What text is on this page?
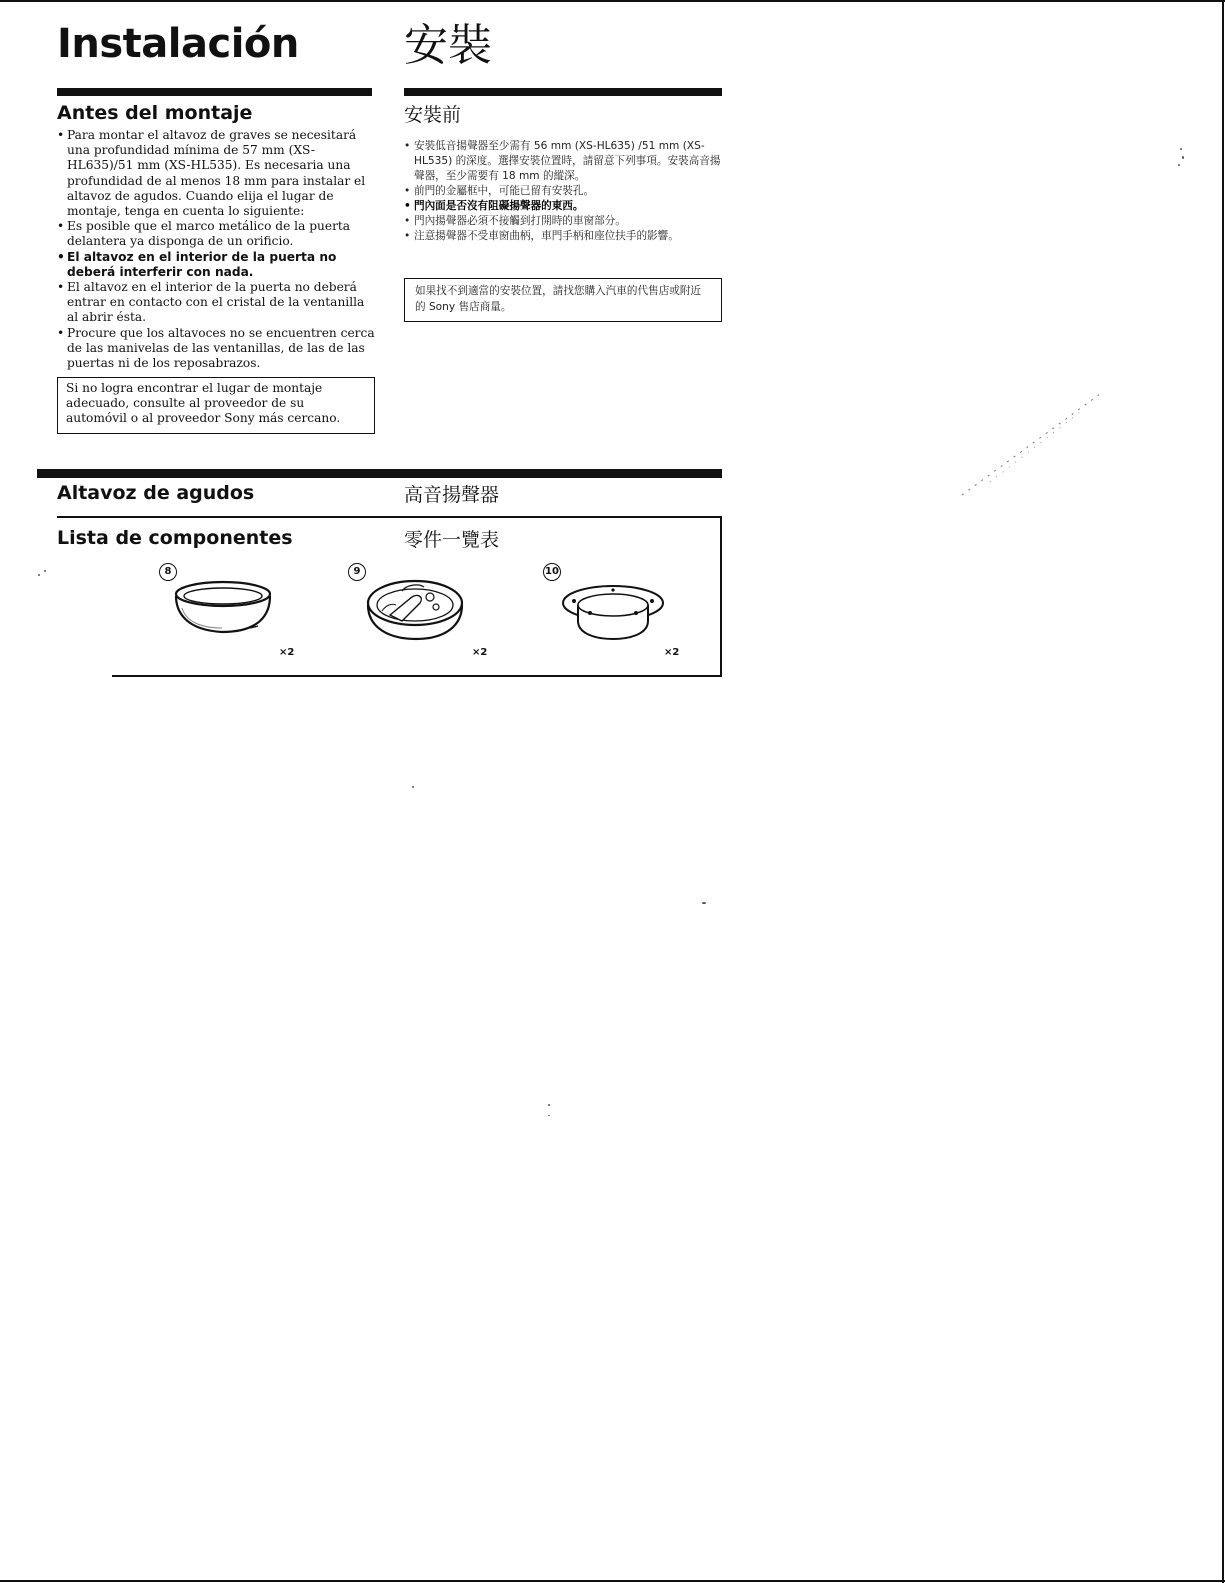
Instalación 安裝
Antes del montaje	安裝前
• Para montar el altavoz de graves se necesitará una profundidad mínima de 57 mm (XS-HL635)/51 mm (XS-HL535). Es necesaria una profundidad de al menos 18 mm para instalar el altavoz de agudos. Cuando elija el lugar de montaje, tenga en cuenta lo siguiente:
• Es posible que el marco metálico de la puerta delantera ya disponga de un orificio.
• El altavoz en el interior de la puerta no deberá interferir con nada.
• El altavoz en el interior de la puerta no deberá entrar en contacto con el cristal de la ventanilla al abrir ésta.
• Procure que los altavoces no se encuentren cerca de las manivelas de las ventanillas, de las de las puertas ni de los reposabrazos.
Si no logra encontrar el lugar de montaje adecuado, consulte al proveedor de su automóvil o al proveedor Sony más cercano.
• 安裝低音揚聲器至少需有 56 mm (XS-HL635) /51 mm (XS-HL535) 的深度。選擇安裝位置時，請留意下列事項。安裝高音揚聲器，至少需要有 18 mm 的縱深。
• 前門的金屬框中，可能已留有安裝孔。
• 門內面是否沒有阻礙揚聲器的東西。
• 門內揚聲器必須不接觸到打開時的車窗部分。
• 注意揚聲器不受車窗曲柄，車門手柄和座位扶手的影響。
如果找不到適當的安裝位置，請找您購入汽車的代售店或附近的 Sony 售店商量。
Altavoz de agudos	高音揚聲器
Lista de componentes	零件一覽表
8
×2
9
×2
10
×2
